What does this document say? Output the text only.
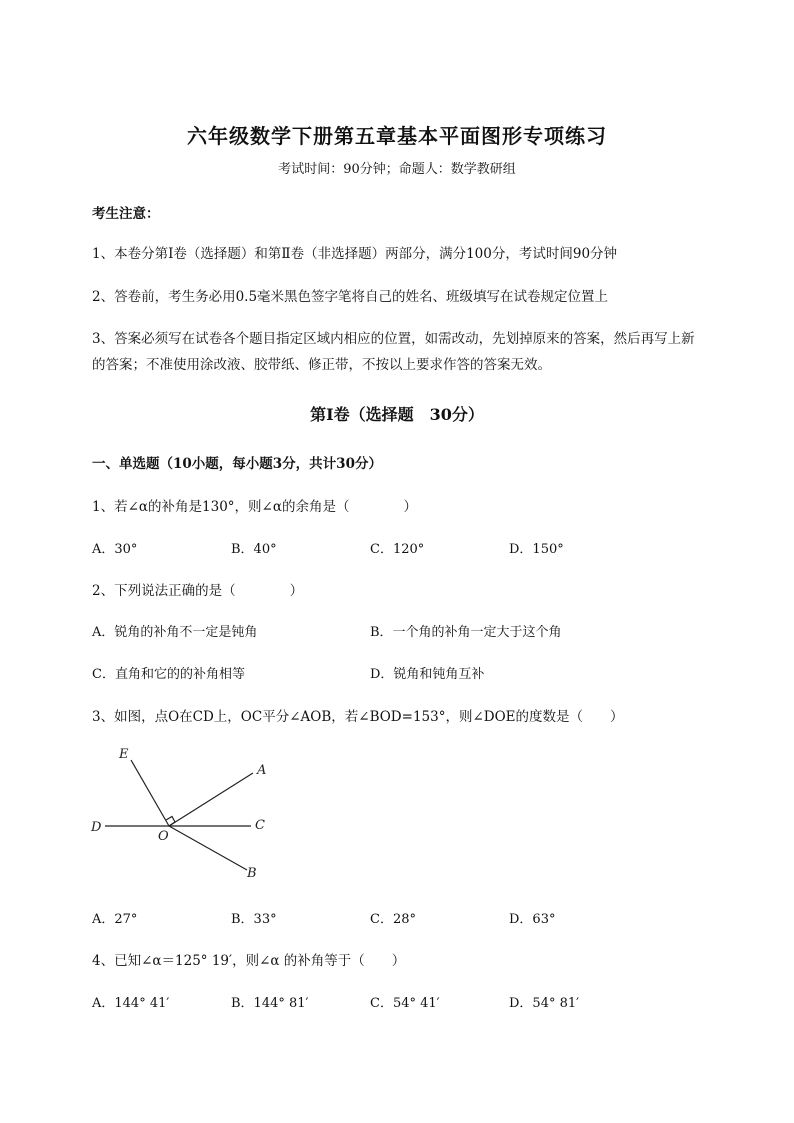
六年级数学下册第五章基本平面图形专项练习
考试时间：90分钟；命题人：数学教研组
考生注意：
1、本卷分第I卷（选择题）和第Ⅱ卷（非选择题）两部分，满分100分，考试时间90分钟
2、答卷前，考生务必用0.5毫米黑色签字笔将自己的姓名、班级填写在试卷规定位置上
3、答案必须写在试卷各个题目指定区域内相应的位置，如需改动，先划掉原来的答案，然后再写上新
的答案；不准使用涂改液、胶带纸、修正带，不按以上要求作答的答案无效。
第I卷（选择题　30分）
一、单选题（10小题，每小题3分，共计30分）
1、若∠α的补角是130°，则∠α的余角是（　　　　）
A．30°	B．40°	C．120°	D．150°
2、下列说法正确的是（　　　　）
A．锐角的补角不一定是钝角	B．一个角的补角一定大于这个角
C．直角和它的的补角相等	D．锐角和钝角互补
3、如图，点O在CD上，OC平分∠AOB，若∠BOD=153°，则∠DOE的度数是（　　）
E
A
D
O
C
B
A．27°	B．33°	C．28°	D．63°
4、已知∠α＝125° 19′，则∠α 的补角等于（　　）
A．144° 41′	B．144° 81′	C．54° 41′	D．54° 81′
